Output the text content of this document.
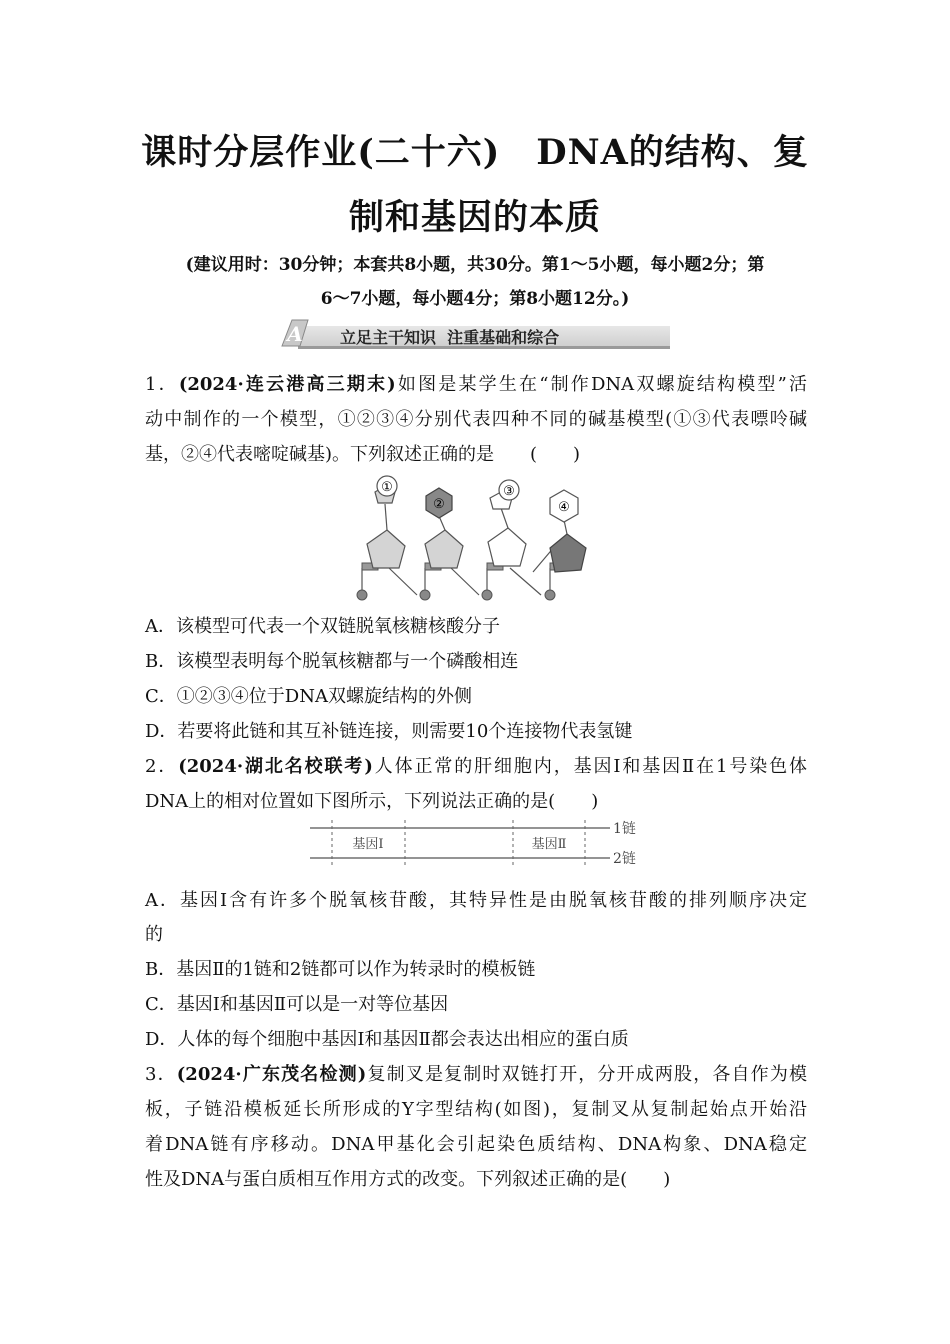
课时分层作业(二十六)　DNA的结构、复
制和基因的本质
(建议用时：30分钟；本套共8小题，共30分。第1～5小题，每小题2分；第
6～7小题，每小题4分；第8小题12分。)
A 立足主干知识  注重基础和综合
1．(2024·连云港高三期末)如图是某学生在“制作DNA双螺旋结构模型”活
动中制作的一个模型，①②③④分别代表四种不同的碱基模型(①③代表嘌呤碱
基，②④代表嘧啶碱基)。下列叙述正确的是　　(　　)
①
②
③
④
A．该模型可代表一个双链脱氧核糖核酸分子
B．该模型表明每个脱氧核糖都与一个磷酸相连
C．①②③④位于DNA双螺旋结构的外侧
D．若要将此链和其互补链连接，则需要10个连接物代表氢键
2．(2024·湖北名校联考)人体正常的肝细胞内，基因Ⅰ和基因Ⅱ在1号染色体
DNA上的相对位置如下图所示，下列说法正确的是(　　)
基因Ⅰ	基因Ⅱ
1链
2链
A．基因Ⅰ含有许多个脱氧核苷酸，其特异性是由脱氧核苷酸的排列顺序决定
的
B．基因Ⅱ的1链和2链都可以作为转录时的模板链
C．基因Ⅰ和基因Ⅱ可以是一对等位基因
D．人体的每个细胞中基因Ⅰ和基因Ⅱ都会表达出相应的蛋白质
3．(2024·广东茂名检测)复制叉是复制时双链打开，分开成两股，各自作为模
板，子链沿模板延长所形成的Y字型结构(如图)，复制叉从复制起始点开始沿
着DNA链有序移动。DNA甲基化会引起染色质结构、DNA构象、DNA稳定
性及DNA与蛋白质相互作用方式的改变。下列叙述正确的是(　　)
